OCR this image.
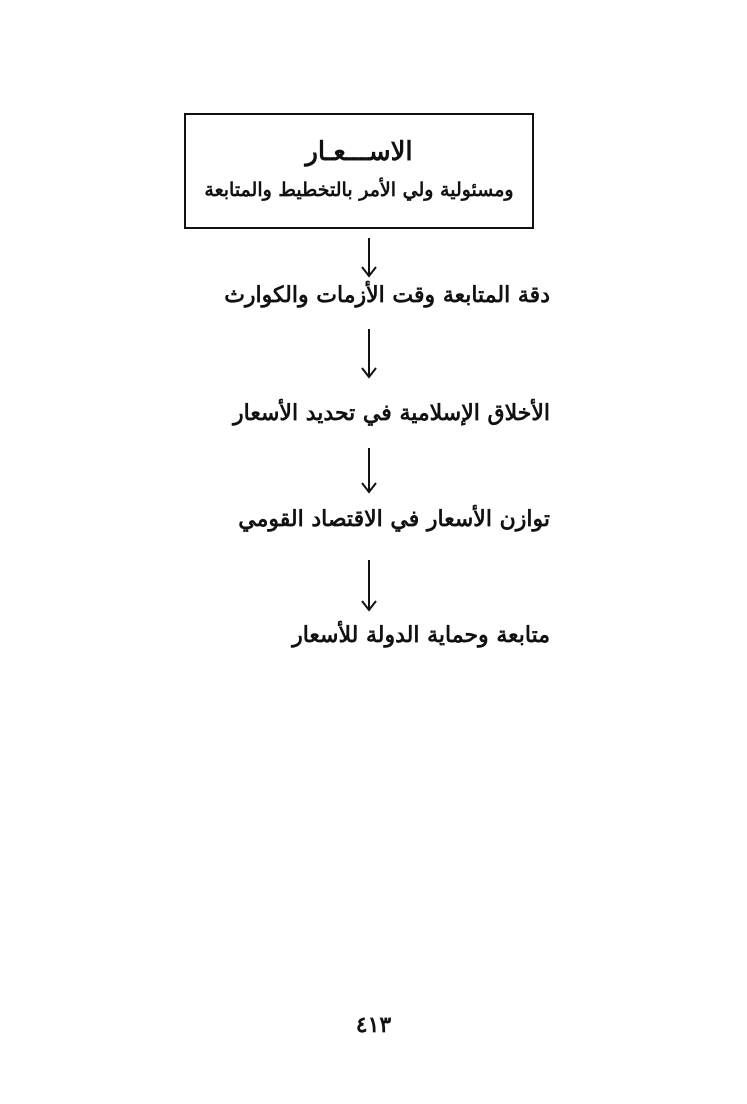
الاســـعـار
ومسئولية ولي الأمر بالتخطيط والمتابعة
دقة المتابعة وقت الأزمات والكوارث
الأخلاق الإسلامية في تحديد الأسعار
توازن الأسعار في الاقتصاد القومي
متابعة وحماية الدولة للأسعار
٤١٣
